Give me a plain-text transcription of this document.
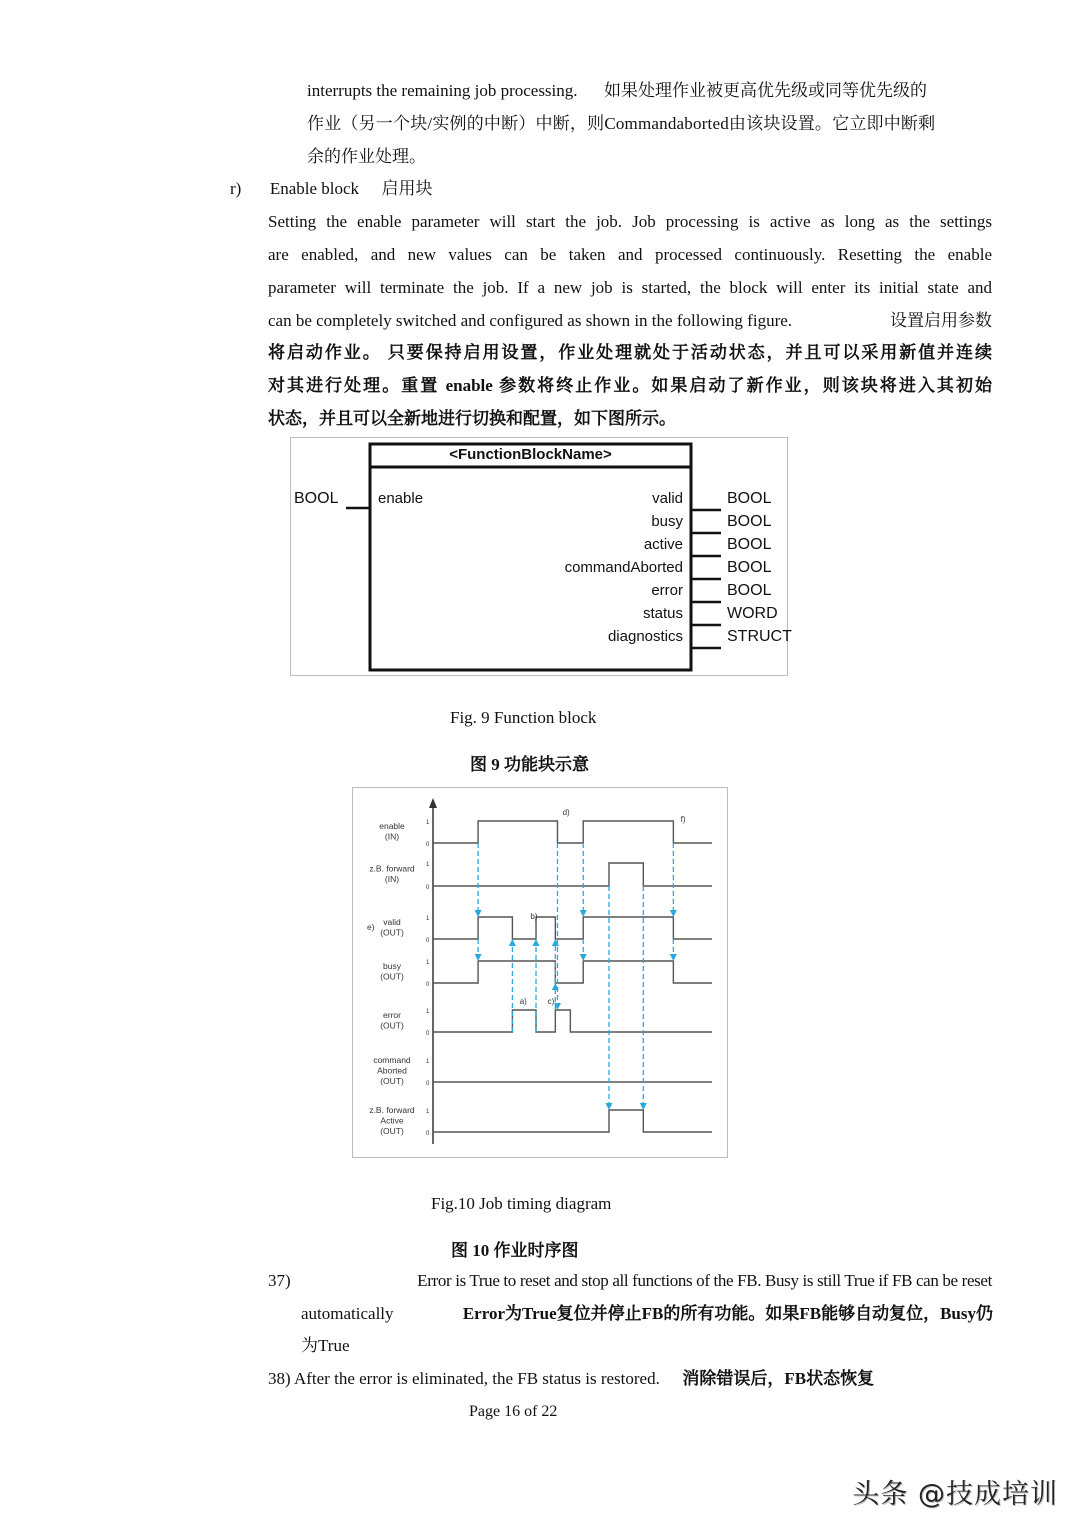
interrupts the remaining job processing. 如果处理作业被更高优先级或同等优先级的
作业（另一个块/实例的中断）中断，则Commandaborted由该块设置。它立即中断剩
余的作业处理。
r) Enable block 启用块
Setting the enable parameter will start the job. Job processing is active as long as the settings
are enabled, and new values can be taken and processed continuously. Resetting the enable
parameter will terminate the job. If a new job is started, the block will enter its initial state and
can be completely switched and configured as shown in the following figure.	设置启用参数
将启动作业。 只要保持启用设置，作业处理就处于活动状态，并且可以采用新值并连续
对其进行处理。重置 enable 参数将终止作业。如果启动了新作业，则该块将进入其初始
状态，并且可以全新地进行切换和配置，如下图所示。
<FunctionBlockName>
BOOL	enable	valid	BOOL
busy	BOOL
active	BOOL
commandAborted	BOOL
error	BOOL
status	WORD
diagnostics	STRUCT
Fig. 9 Function block
图 9 功能块示意
enable
(IN)
1
0
z.B. forward
(IN)
1
0
valid
(OUT)
e)
1
0
busy
(OUT)
1
0
error
(OUT)
1
0
command
Aborted
(OUT)
1
0
z.B. forward
Active
(OUT)
1
0
d)
f)
b)
a)	c)
Fig.10 Job timing diagram
图 10 作业时序图
37)	Error is True to reset and stop all functions of the FB. Busy is still True if FB can be reset
automatically	Error为True复位并停止FB的所有功能。如果FB能够自动复位，Busy仍
为True
38) After the error is eliminated, the FB status is restored. 消除错误后，FB状态恢复
Page 16 of 22
头条 @技成培训
